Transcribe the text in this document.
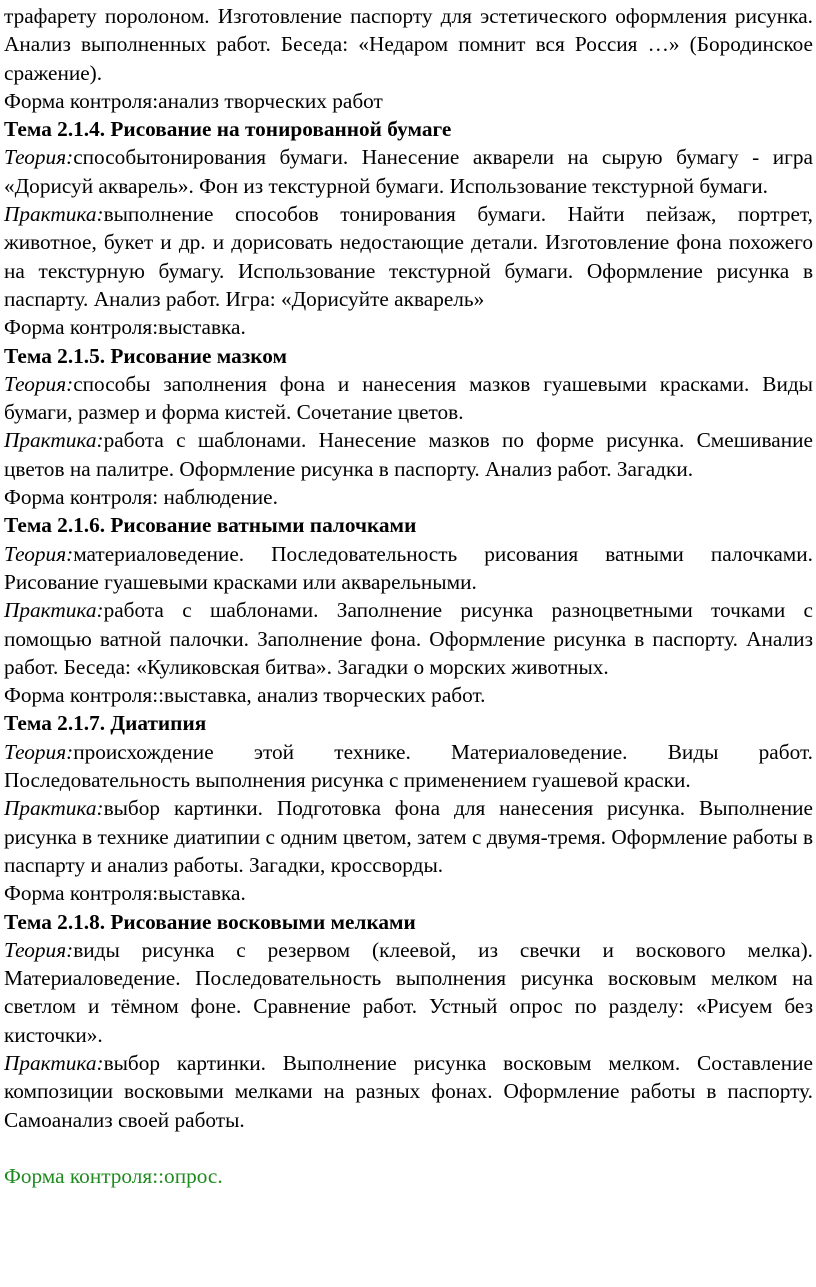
трафарету поролоном. Изготовление паспорту для эстетического оформления рисунка. Анализ выполненных работ. Беседа: «Недаром помнит вся Россия …» (Бородинское сражение).

Форма контроля:анализ творческих работ

Тема 2.1.4. Рисование на тонированной бумаге

Теория:способытонирования бумаги. Нанесение акварели на сырую бумагу - игра «Дорисуй акварель». Фон из текстурной бумаги. Использование текстурной бумаги.

Практика:выполнение способов тонирования бумаги. Найти пейзаж, портрет, животное, букет и др. и дорисовать недостающие детали. Изготовление фона похожего на текстурную бумагу. Использование текстурной бумаги. Оформление рисунка в паспарту. Анализ работ. Игра: «Дорисуйте акварель»

Форма контроля:выставка.

Тема 2.1.5. Рисование мазком

Теория:способы заполнения фона и нанесения мазков гуашевыми красками. Виды бумаги, размер и форма кистей. Сочетание цветов.

Практика:работа с шаблонами. Нанесение мазков по форме рисунка. Смешивание цветов на палитре. Оформление рисунка в паспорту. Анализ работ. Загадки.

Форма контроля: наблюдение.

Тема 2.1.6. Рисование ватными палочками

Теория:материаловедение. Последовательность рисования ватными палочками. Рисование гуашевыми красками или акварельными.

Практика:работа с шаблонами. Заполнение рисунка разноцветными точками с помощью ватной палочки. Заполнение фона. Оформление рисунка в паспорту. Анализ работ. Беседа: «Куликовская битва». Загадки о морских животных.

Форма контроля::выставка, анализ творческих работ.

Тема 2.1.7. Диатипия

Теория:происхождение этой технике. Материаловедение. Виды работ. Последовательность выполнения рисунка с применением гуашевой краски.

Практика:выбор картинки. Подготовка фона для нанесения рисунка. Выполнение рисунка в технике диатипии с одним цветом, затем с двумя-тремя. Оформление работы в паспарту и анализ работы. Загадки, кроссворды.

Форма контроля:выставка.

Тема 2.1.8. Рисование восковыми мелками

Теория:виды рисунка с резервом (клеевой, из свечки и воскового мелка). Материаловедение. Последовательность выполнения рисунка восковым мелком на светлом и тёмном фоне. Сравнение работ. Устный опрос по разделу: «Рисуем без кисточки».

Практика:выбор картинки. Выполнение рисунка восковым мелком. Составление композиции восковыми мелками на разных фонах. Оформление работы в паспорту. Самоанализ своей работы.

Форма контроля::опрос.
